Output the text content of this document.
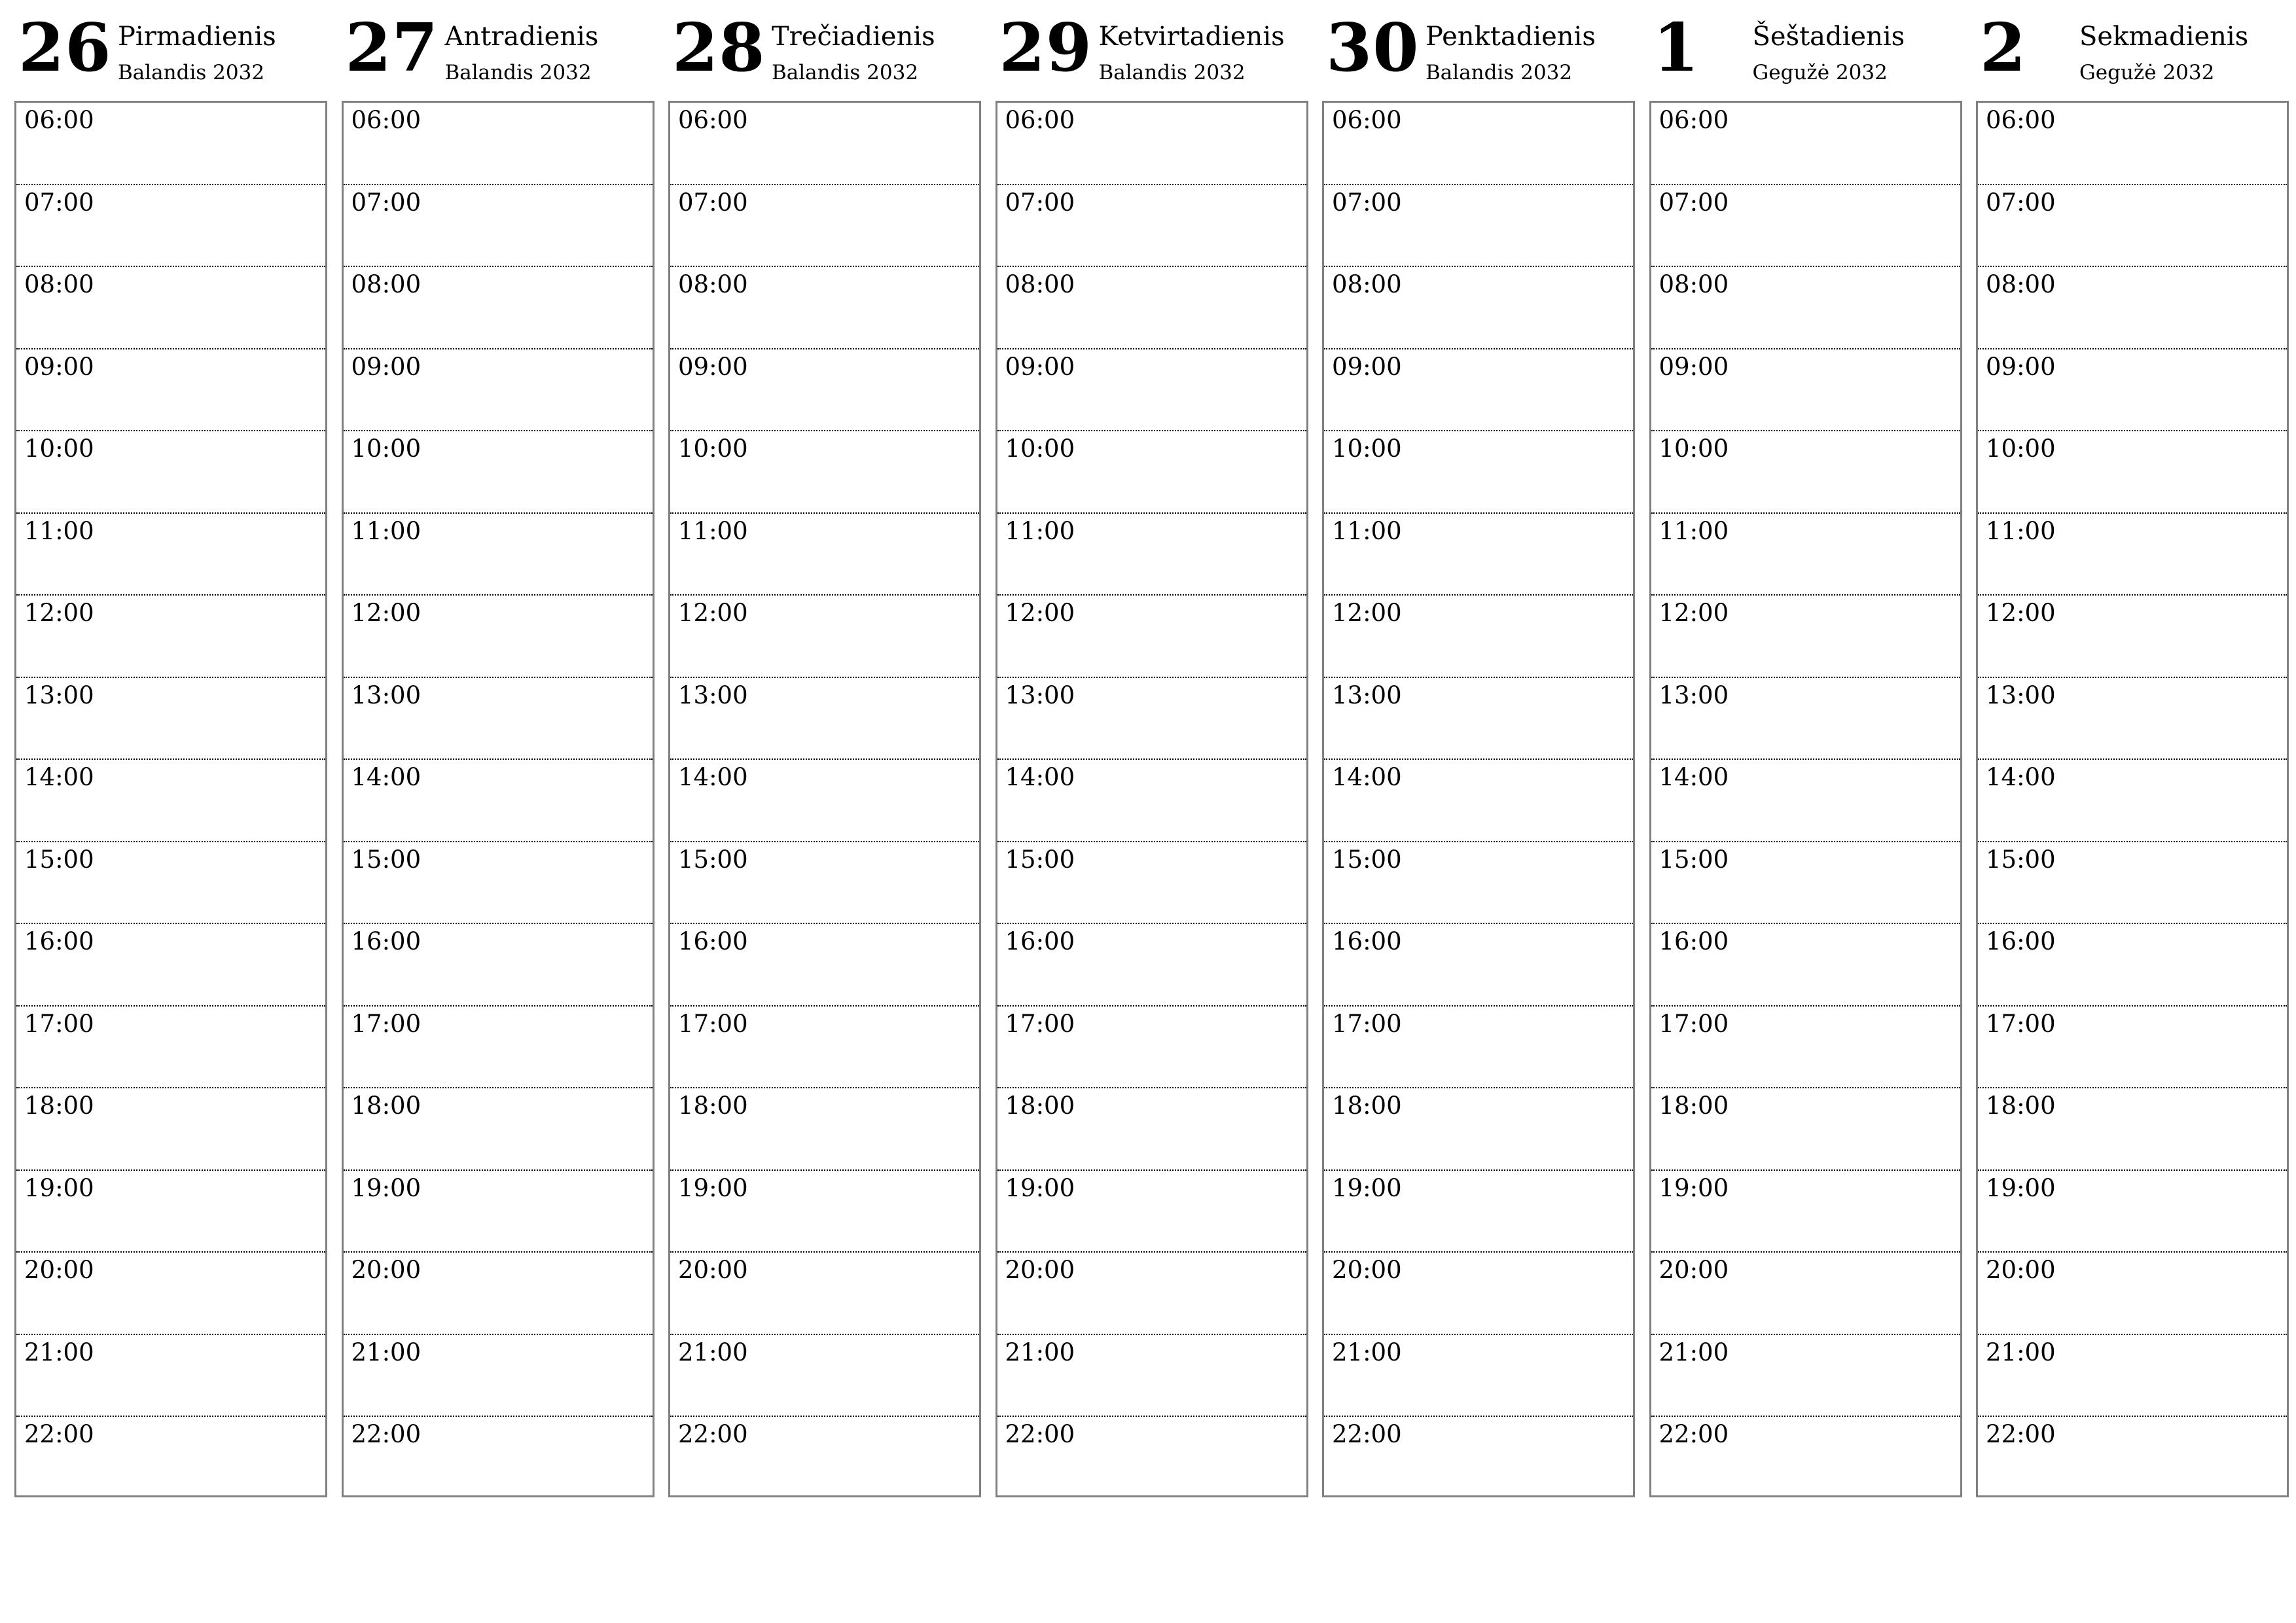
26 Pirmadienis
Balandis 2032
06:00
07:00
08:00
09:00
10:00
11:00
12:00
13:00
14:00
15:00
16:00
17:00
18:00
19:00
20:00
21:00
22:00
27 Antradienis
Balandis 2032
06:00
07:00
08:00
09:00
10:00
11:00
12:00
13:00
14:00
15:00
16:00
17:00
18:00
19:00
20:00
21:00
22:00
28 Trečiadienis
Balandis 2032
06:00
07:00
08:00
09:00
10:00
11:00
12:00
13:00
14:00
15:00
16:00
17:00
18:00
19:00
20:00
21:00
22:00
29 Ketvirtadienis
Balandis 2032
06:00
07:00
08:00
09:00
10:00
11:00
12:00
13:00
14:00
15:00
16:00
17:00
18:00
19:00
20:00
21:00
22:00
30 Penktadienis
Balandis 2032
06:00
07:00
08:00
09:00
10:00
11:00
12:00
13:00
14:00
15:00
16:00
17:00
18:00
19:00
20:00
21:00
22:00
1 Šeštadienis
Gegužė 2032
06:00
07:00
08:00
09:00
10:00
11:00
12:00
13:00
14:00
15:00
16:00
17:00
18:00
19:00
20:00
21:00
22:00
2 Sekmadienis
Gegužė 2032
06:00
07:00
08:00
09:00
10:00
11:00
12:00
13:00
14:00
15:00
16:00
17:00
18:00
19:00
20:00
21:00
22:00
